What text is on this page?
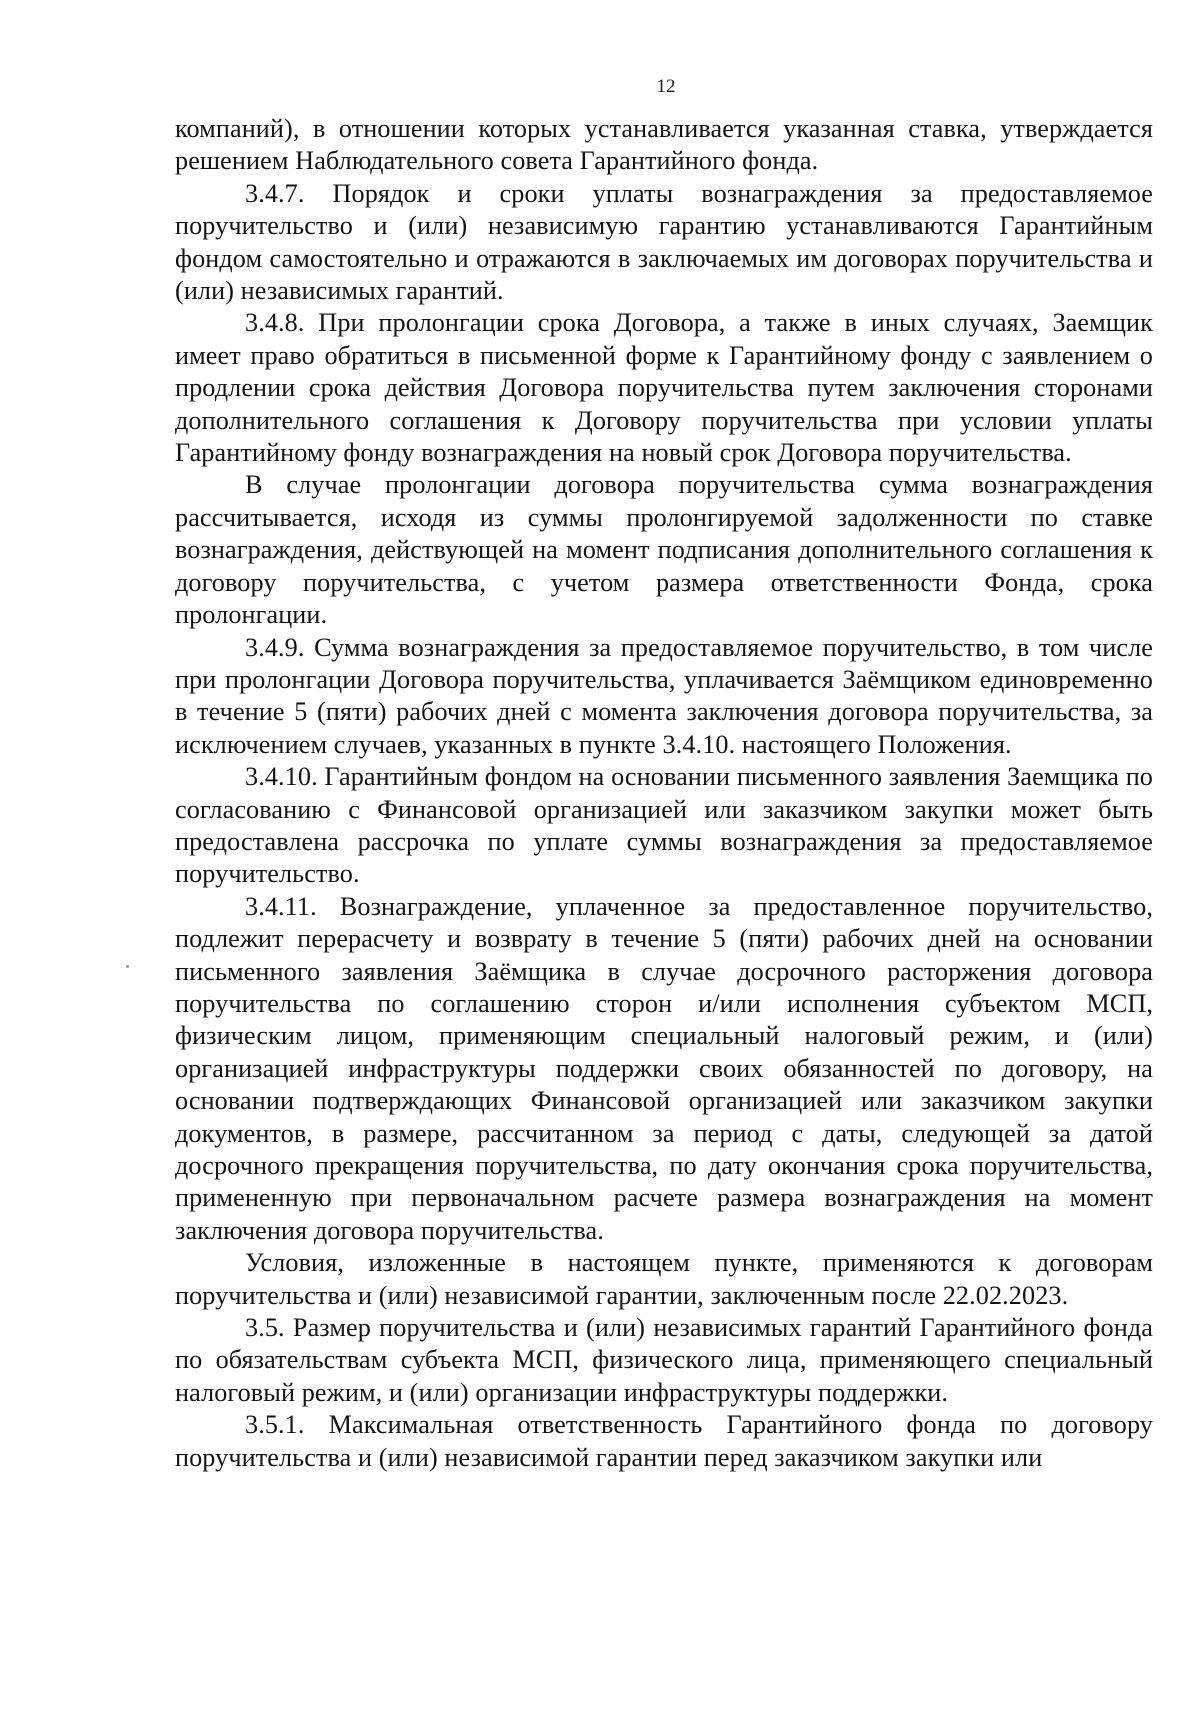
12

компаний), в отношении которых устанавливается указанная ставка, утверждается решением Наблюдательного совета Гарантийного фонда.

3.4.7. Порядок и сроки уплаты вознаграждения за предоставляемое поручительство и (или) независимую гарантию устанавливаются Гарантийным фондом самостоятельно и отражаются в заключаемых им договорах поручительства и (или) независимых гарантий.

3.4.8. При пролонгации срока Договора, а также в иных случаях, Заемщик имеет право обратиться в письменной форме к Гарантийному фонду с заявлением о продлении срока действия Договора поручительства путем заключения сторонами дополнительного соглашения к Договору поручительства при условии уплаты Гарантийному фонду вознаграждения на новый срок Договора поручительства.

В случае пролонгации договора поручительства сумма вознаграждения рассчитывается, исходя из суммы пролонгируемой задолженности по ставке вознаграждения, действующей на момент подписания дополнительного соглашения к договору поручительства, с учетом размера ответственности Фонда, срока пролонгации.

3.4.9. Сумма вознаграждения за предоставляемое поручительство, в том числе при пролонгации Договора поручительства, уплачивается Заёмщиком единовременно в течение 5 (пяти) рабочих дней с момента заключения договора поручительства, за исключением случаев, указанных в пункте 3.4.10. настоящего Положения.

3.4.10. Гарантийным фондом на основании письменного заявления Заемщика по согласованию с Финансовой организацией или заказчиком закупки может быть предоставлена рассрочка по уплате суммы вознаграждения за предоставляемое поручительство.

3.4.11. Вознаграждение, уплаченное за предоставленное поручительство, подлежит перерасчету и возврату в течение 5 (пяти) рабочих дней на основании письменного заявления Заёмщика в случае досрочного расторжения договора поручительства по соглашению сторон и/или исполнения субъектом МСП, физическим лицом, применяющим специальный налоговый режим, и (или) организацией инфраструктуры поддержки своих обязанностей по договору, на основании подтверждающих Финансовой организацией или заказчиком закупки документов, в размере, рассчитанном за период с даты, следующей за датой досрочного прекращения поручительства, по дату окончания срока поручительства, примененную при первоначальном расчете размера вознаграждения на момент заключения договора поручительства.

Условия, изложенные в настоящем пункте, применяются к договорам поручительства и (или) независимой гарантии, заключенным после 22.02.2023.

3.5. Размер поручительства и (или) независимых гарантий Гарантийного фонда по обязательствам субъекта МСП, физического лица, применяющего специальный налоговый режим, и (или) организации инфраструктуры поддержки.

3.5.1. Максимальная ответственность Гарантийного фонда по договору поручительства и (или) независимой гарантии перед заказчиком закупки или
